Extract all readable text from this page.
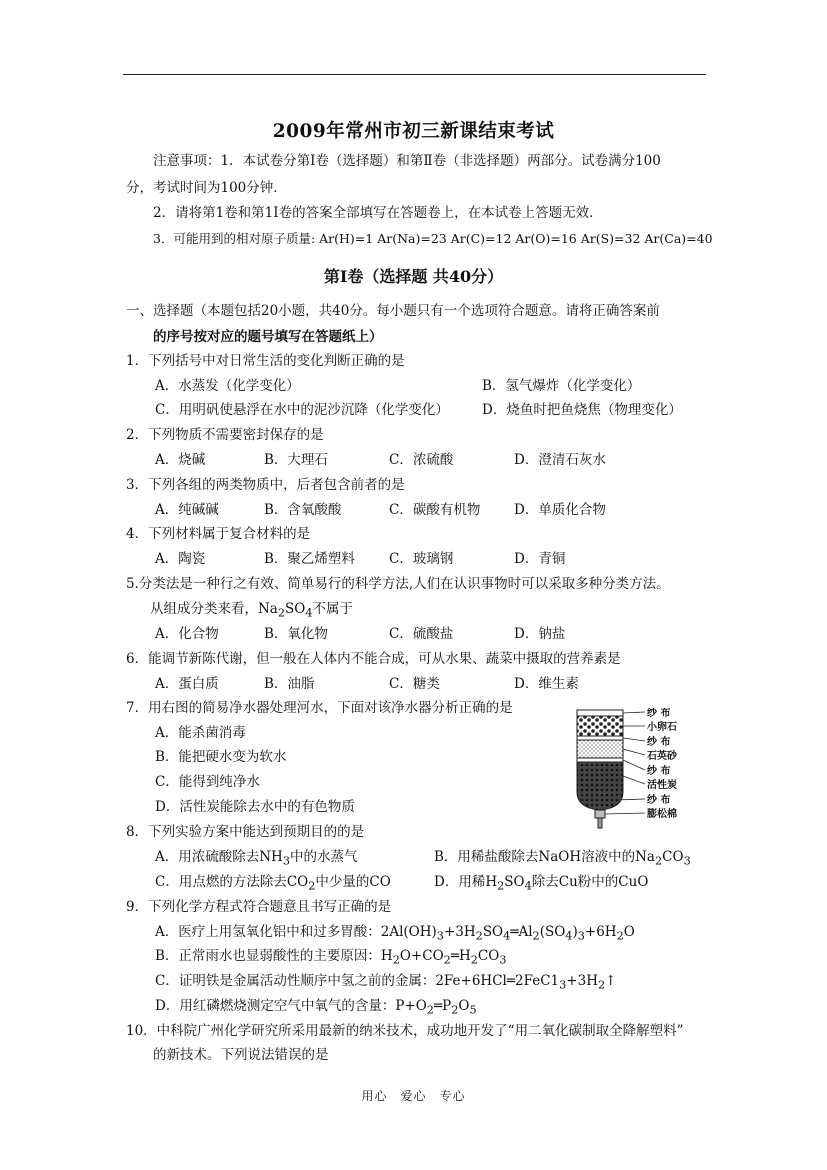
2009年常州市初三新课结束考试
注意事项：1．本试卷分第Ⅰ卷（选择题）和第Ⅱ卷（非选择题）两部分。试卷满分100
分，考试时间为100分钟．
2．请将第1卷和第1I卷的答案全部填写在答题卷上，在本试卷上答题无效．
3．可能用到的相对原子质量: Ar(H)=1 Ar(Na)=23 Ar(C)=12 Ar(O)=16 Ar(S)=32 Ar(Ca)=40
第Ⅰ卷（选择题 共40分）
一、选择题（本题包括20小题，共40分。每小题只有一个选项符合题意。请将正确答案前
的序号按对应的题号填写在答题纸上）
1．下列括号中对日常生活的变化判断正确的是
A．水蒸发（化学变化）	B．氢气爆炸（化学变化）
C．用明矾使悬浮在水中的泥沙沉降（化学变化） D．烧鱼时把鱼烧焦（物理变化）
2．下列物质不需要密封保存的是
A．烧碱	B．大理石	C．浓硫酸	D．澄清石灰水
3．下列各组的两类物质中，后者包含前者的是
A．纯碱碱	B．含氧酸酸	C．碳酸有机物 D．单质化合物
4．下列材料属于复合材料的是
A．陶瓷	B．聚乙烯塑料	C．玻璃钢	D．青铜
5.分类法是一种行之有效、简单易行的科学方法,人们在认识事物时可以采取多种分类方法。
从组成分类来看，$Na_2SO_4$不属于
A．化合物	B．氧化物	C．硫酸盐	D．钠盐
6．能调节新陈代谢，但一般在人体内不能合成，可从水果、蔬菜中摄取的营养素是
A．蛋白质	B．油脂	C．糖类	D．维生素
7．用右图的简易净水器处理河水，下面对该净水器分析正确的是
A．能杀菌消毒
B．能把硬水变为软水
C．能得到纯净水
D．活性炭能除去水中的有色物质
纱 布
小卵石
纱 布
石英砂
纱 布
活性炭
纱 布
膨松棉
8．下列实验方案中能达到预期目的的是
A．用浓硫酸除去$NH_3$中的水蒸气	B．用稀盐酸除去NaOH溶液中的$Na_2CO_3$
C．用点燃的方法除去$CO_2$中少量的CO	D．用稀$H_2SO_4$除去Cu粉中的CuO
9．下列化学方程式符合题意且书写正确的是
A．医疗上用氢氧化铝中和过多胃酸：$2Al(OH)_3+3H_2SO_4═Al_2(SO_4)_3+6H_2O$
B．正常雨水也显弱酸性的主要原因：$H_2O+CO_2═H_2CO_3$
C．证明铁是金属活动性顺序中氢之前的金属：$2Fe+6HCl═2FeC1_3+3H_2↑$
D．用红磷燃烧测定空气中氧气的含量：$P+O_2═P_2O_5$
10．中科院广州化学研究所采用最新的纳米技术，成功地开发了“用二氧化碳制取全降解塑料”
的新技术。下列说法错误的是
用心　爱心　专心
